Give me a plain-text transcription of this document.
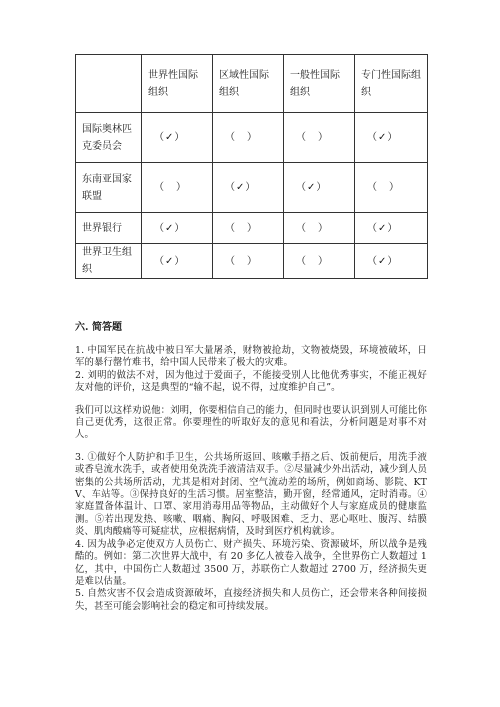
	世界性国际组织	区域性国际组织	一般性国际组织	专门性国际组织
国际奥林匹克委员会	（✓）	（　）	（　）	（✓）
东南亚国家联盟	（　）	（✓）	（✓）	（　）
世界银行	（✓）	（　）	（　）	（✓）
世界卫生组织	（✓）	（　）	（　）	（✓）
六. 简答题

1. 中国军民在抗战中被日军大量屠杀，财物被抢劫，文物被烧毁，环境被破坏，日军的暴行罄竹难书，给中国人民带来了极大的灾难。

2. 刘明的做法不对，因为他过于爱面子，不能接受别人比他优秀事实，不能正视好友对他的评价，这是典型的“输不起，说不得，过度维护自己”。

我们可以这样劝说他：刘明，你要相信自己的能力，但同时也要认识到别人可能比你自己更优秀，这很正常。你要理性的听取好友的意见和看法，分析问题是对事不对人。

3. ①做好个人防护和手卫生，公共场所返回、咳嗽手捂之后、饭前便后，用洗手液或香皂流水洗手，或者使用免洗洗手液清洁双手。②尽量减少外出活动，减少到人员密集的公共场所活动，尤其是相对封闭、空气流动差的场所，例如商场、影院、KTV、车站等。③保持良好的生活习惯。居室整洁，勤开窗，经常通风，定时消毒。④家庭置备体温计、口罩、家用消毒用品等物品，主动做好个人与家庭成员的健康监测。⑤若出现发热、咳嗽、咽痛、胸闷、呼吸困难、乏力、恶心呕吐、腹泻、结膜炎、肌肉酸痛等可疑症状，应根据病情，及时到医疗机构就诊。

4. 因为战争必定使双方人员伤亡、财产损失、环境污染、资源破坏，所以战争是残酷的。例如：第二次世界大战中，有 20 多亿人被卷入战争，全世界伤亡人数超过 1 亿，其中，中国伤亡人数超过 3500 万，苏联伤亡人数超过 2700 万，经济损失更是难以估量。

5. 自然灾害不仅会造成资源破坏，直接经济损失和人员伤亡，还会带来各种间接损失，甚至可能会影响社会的稳定和可持续发展。
